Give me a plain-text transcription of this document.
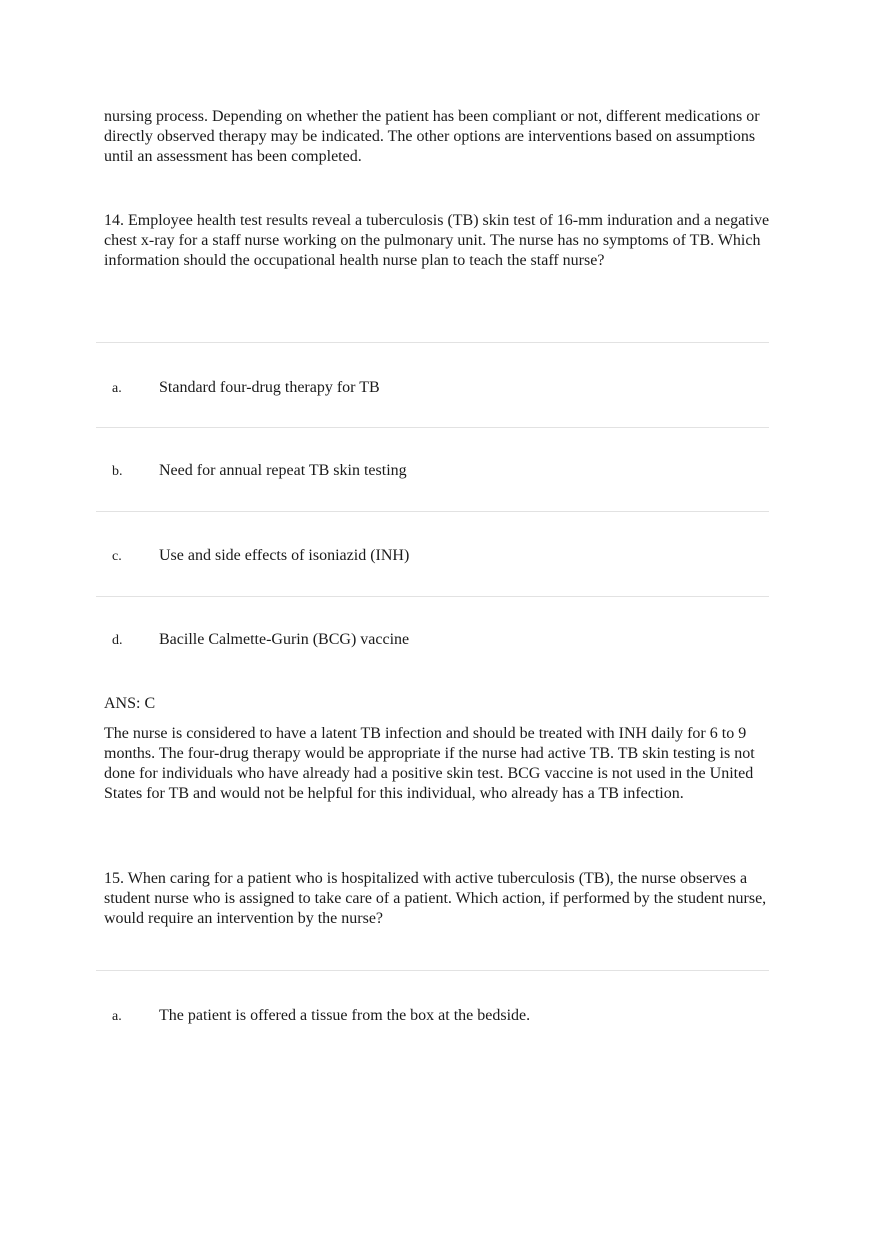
nursing process. Depending on whether the patient has been compliant or not, different medications or directly observed therapy may be indicated. The other options are interventions based on assumptions until an assessment has been completed.

14. Employee health test results reveal a tuberculosis (TB) skin test of 16-mm induration and a negative chest x-ray for a staff nurse working on the pulmonary unit. The nurse has no symptoms of TB. Which information should the occupational health nurse plan to teach the staff nurse?

a. Standard four-drug therapy for TB
b. Need for annual repeat TB skin testing
c. Use and side effects of isoniazid (INH)
d. Bacille Calmette-Gurin (BCG) vaccine

ANS: C

The nurse is considered to have a latent TB infection and should be treated with INH daily for 6 to 9 months. The four-drug therapy would be appropriate if the nurse had active TB. TB skin testing is not done for individuals who have already had a positive skin test. BCG vaccine is not used in the United States for TB and would not be helpful for this individual, who already has a TB infection.

15. When caring for a patient who is hospitalized with active tuberculosis (TB), the nurse observes a student nurse who is assigned to take care of a patient. Which action, if performed by the student nurse, would require an intervention by the nurse?

a. The patient is offered a tissue from the box at the bedside.
